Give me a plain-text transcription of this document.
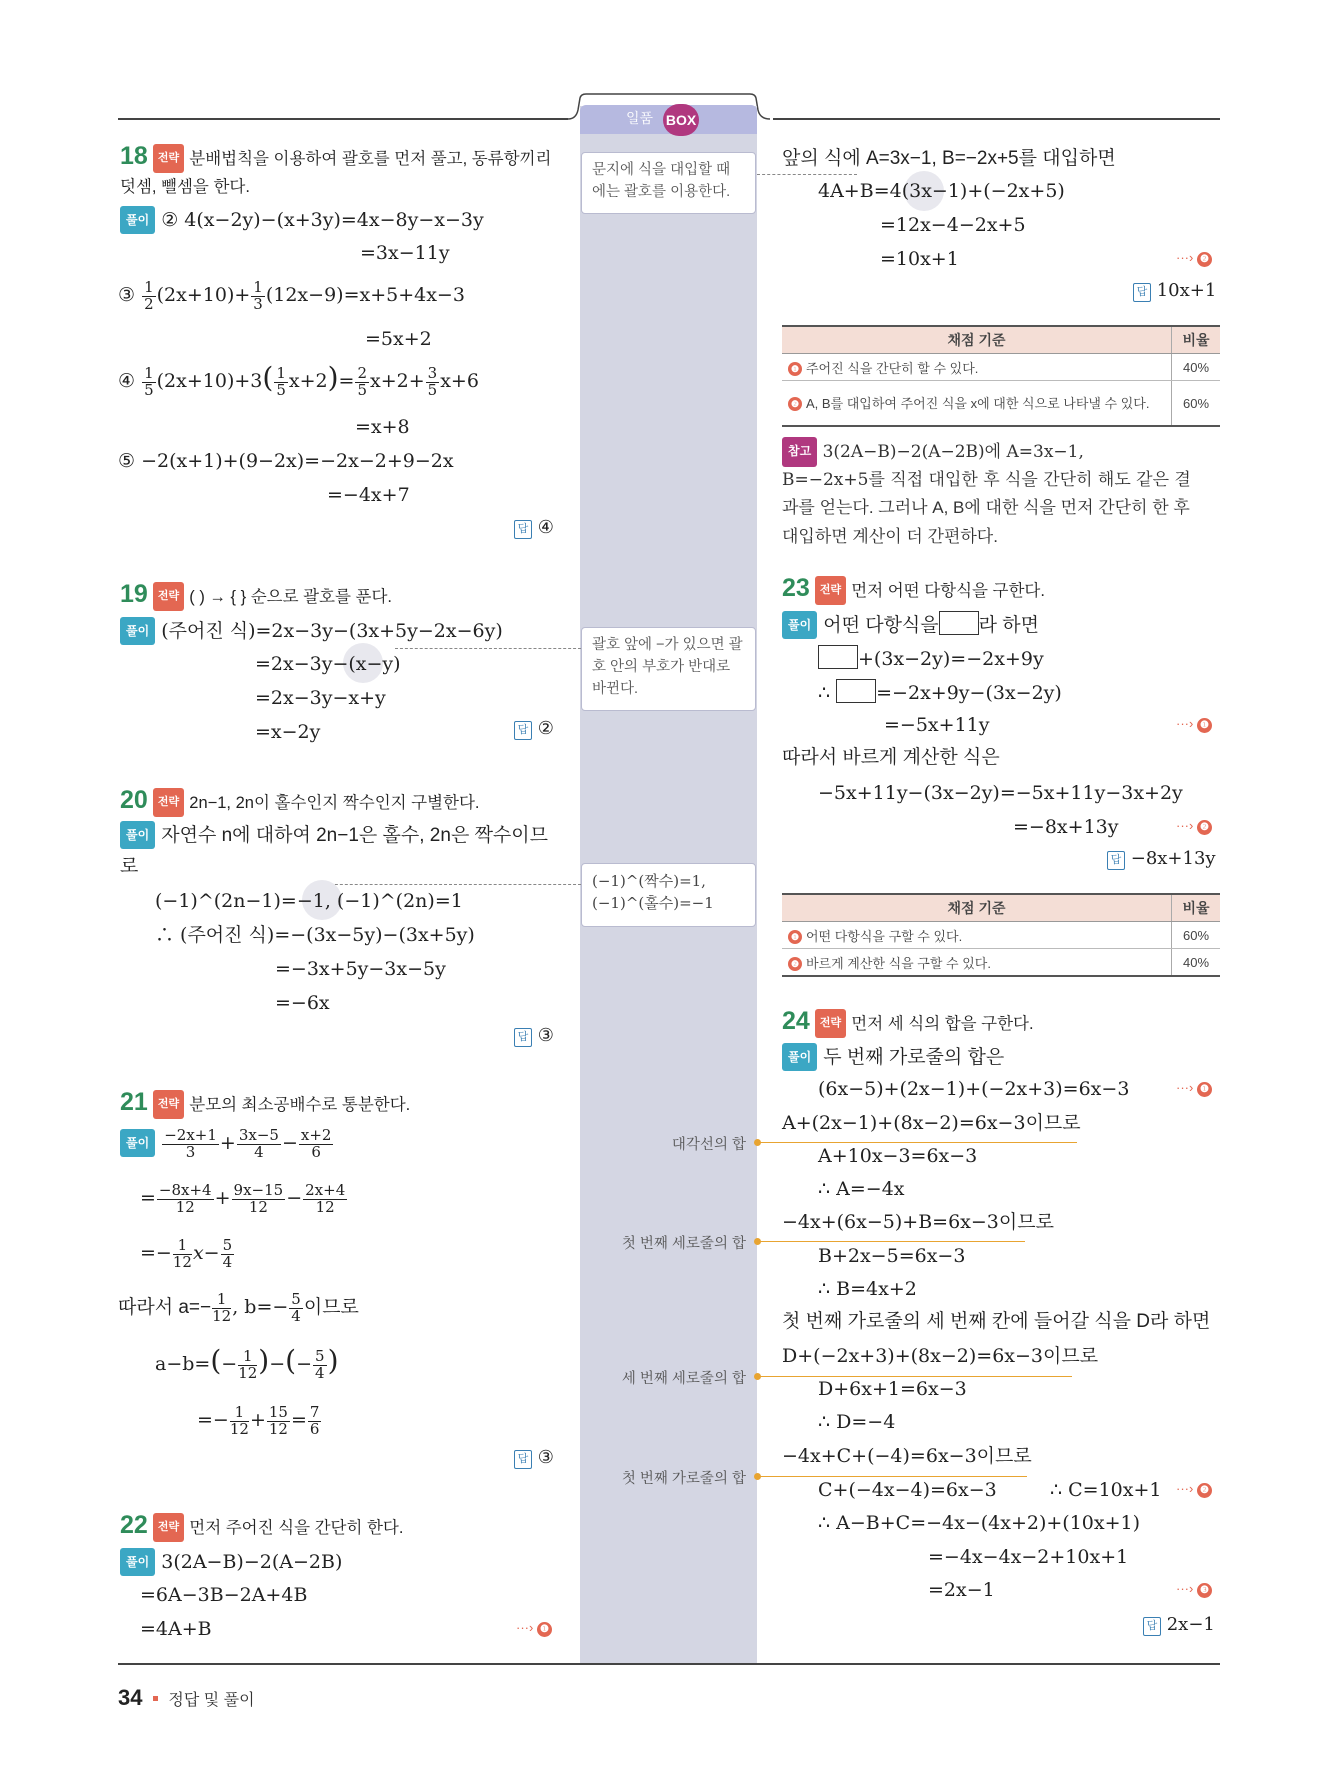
일품 BOX
문지에 식을 대입할 때 에는 괄호를 이용한다.
괄호 앞에 −가 있으면 괄호 안의 부호가 반대로 바뀐다.
(−1)^(짝수)=1,
(−1)^(홀수)=−1
대각선의 합
첫 번째 세로줄의 합
세 번째 세로줄의 합
첫 번째 가로줄의 합
18 전략 분배법칙을 이용하여 괄호를 먼저 풀고, 동류항끼리 덧셈, 뺄셈을 한다.
풀이 ② 4(x−2y)−(x+3y)=4x−8y−x−3y
=3x−11y
③ $\frac{1}{2} (2x+10)+ \frac{1}{3} (12x-9)=x+5+4x-3$
=5x+2
④ $\frac{1}{5} (2x+10)+3( \frac{1}{5} x+2)= \frac{2}{5} x+2+ \frac{3}{5} x+6$
=x+8
⑤ −2(x+1)+(9−2x)=−2x−2+9−2x
=−4x+7
답 ④
19 전략 ( ) → { } 순으로 괄호를 푼다.
풀이 (주어진 식)=2x−3y−(3x+5y−2x−6y)
=2x−3y−(x−y)
=2x−3y−x+y
=x−2y	답 ②
20 전략 2n−1, 2n이 홀수인지 짝수인지 구별한다.
풀이 자연수 n에 대하여 2n−1은 홀수, 2n은 짝수이므
로
(−1)^(2n−1)=−1, (−1)^(2n)=1
∴ (주어진 식)=−(3x−5y)−(3x+5y)
=−3x+5y−3x−5y
=−6x
답 ③
21 전략 분모의 최소공배수로 통분한다.
풀이 $\frac{-2x+1}{3} + \frac{3x-5}{4} - \frac{x+2}{6}$
= $\frac{-8x+4}{12} + \frac{9x-15}{12} - \frac{2x+4}{12}$
=− $\frac{1}{12} x- \frac{5}{4}$
따라서 $a=- \frac{1}{12}$ , $b=- \frac{5}{4}$ 이므로
$a-b=(- \frac{1}{12}$ )−(− $\frac{5}{4}$ )
=− $\frac{1}{12} + \frac{15}{12} = \frac{7}{6}$
답 ③
22 전략 먼저 주어진 식을 간단히 한다.
풀이 3(2A−B)−2(A−2B)
=6A−3B−2A+4B
=4A+B	···› ❶
앞의 식에 A=3x−1, B=−2x+5를 대입하면
4A+B=4(3x−1)+(−2x+5)
=12x−4−2x+5
=10x+1	···› ❷
답 10x+1
채점 기준	비율
❶ 주어진 식을 간단히 할 수 있다.	40%
❷ A, B를 대입하여 주어진 식을 x에 대한 식으로 나타낼 수 있다.	60%
참고 3(2A−B)−2(A−2B)에 A=3x−1,
B=−2x+5를 직접 대입한 후 식을 간단히 해도 같은 결
과를 얻는다. 그러나 A, B에 대한 식을 먼저 간단히 한 후
대입하면 계산이 더 간편하다.
23 전략 먼저 어떤 다항식을 구한다.
풀이 어떤 다항식을 라 하면
+(3x−2y)=−2x+9y
∴ =−2x+9y−(3x−2y)
=−5x+11y	···› ❶
따라서 바르게 계산한 식은
−5x+11y−(3x−2y)=−5x+11y−3x+2y
=−8x+13y	···› ❷
답 −8x+13y
채점 기준	비율
❶ 어떤 다항식을 구할 수 있다.	60%
❷ 바르게 계산한 식을 구할 수 있다.	40%
24 전략 먼저 세 식의 합을 구한다.
풀이 두 번째 가로줄의 합은
(6x−5)+(2x−1)+(−2x+3)=6x−3	···› ❶
A+(2x−1)+(8x−2)=6x−3이므로
A+10x−3=6x−3
∴ A=−4x
−4x+(6x−5)+B=6x−3이므로
B+2x−5=6x−3
∴ B=4x+2
첫 번째 가로줄의 세 번째 칸에 들어갈 식을 D라 하면
D+(−2x+3)+(8x−2)=6x−3이므로
D+6x+1=6x−3
∴ D=−4
−4x+C+(−4)=6x−3이므로
C+(−4x−4)=6x−3	∴ C=10x+1 ···› ❷
∴ A−B+C=−4x−(4x+2)+(10x+1)
=−4x−4x−2+10x+1
=2x−1	···› ❸
답 2x−1
34 정답 및 풀이
